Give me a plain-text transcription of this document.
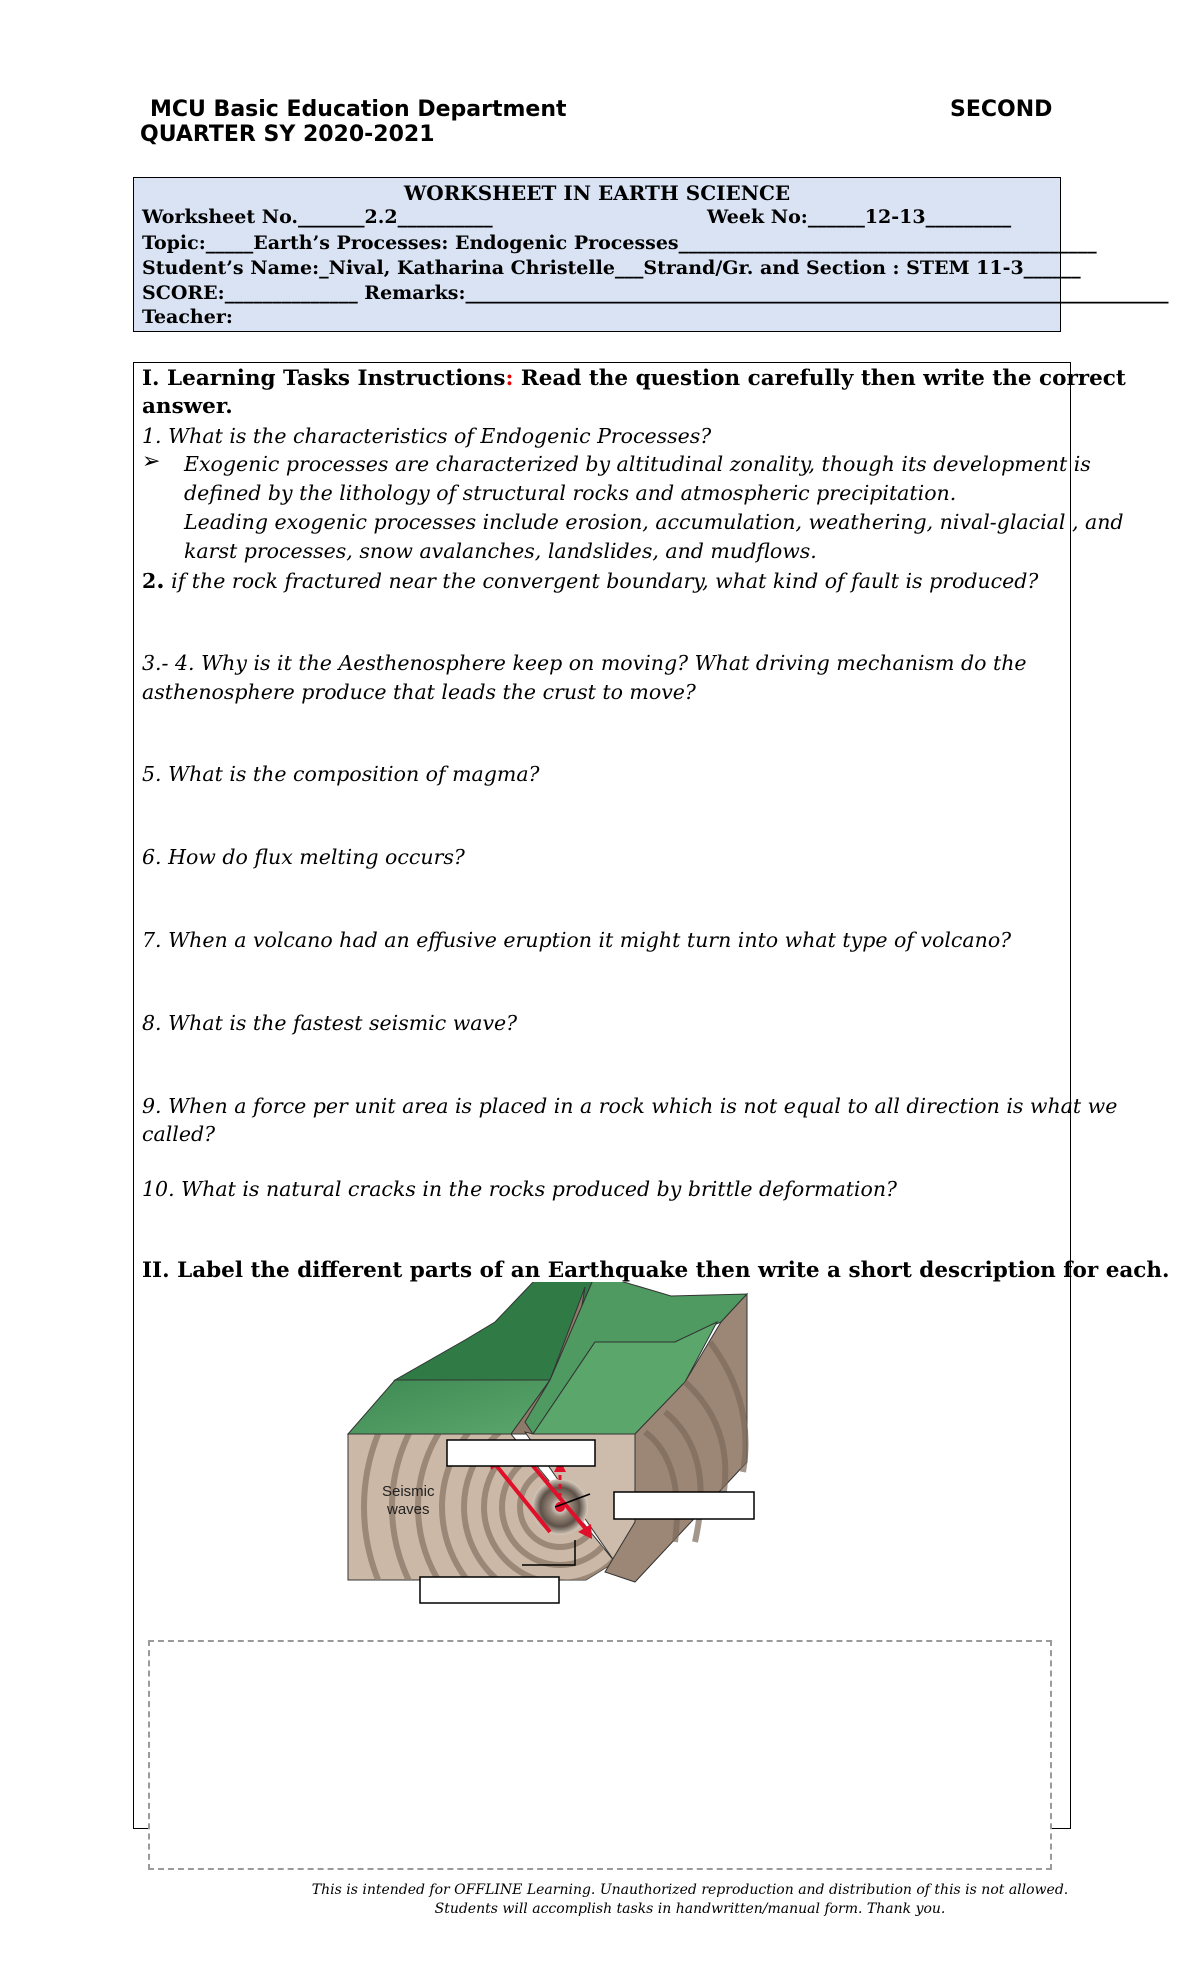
MCU Basic Education Department	SECOND
QUARTER SY 2020-2021
WORKSHEET IN EARTH SCIENCE
Worksheet No._______2.2__________	Week No:______12-13_________
Topic:_____Earth’s Processes: Endogenic Processes____________________________________________
Student’s Name:_Nival, Katharina Christelle___Strand/Gr. and Section : STEM 11-3______
SCORE:______________ Remarks:__________________________________________________________________________
Teacher:
I. Learning Tasks Instructions: Read the question carefully then write the correct
answer.
1. What is the characteristics of Endogenic Processes?
➢ Exogenic processes are characterized by altitudinal zonality, though its development is
defined by the lithology of structural rocks and atmospheric precipitation.
Leading exogenic processes include erosion, accumulation, weathering, nival-glacial , and
karst processes, snow avalanches, landslides, and mudflows.
2. if the rock fractured near the convergent boundary, what kind of fault is produced?
3.- 4. Why is it the Aesthenosphere keep on moving? What driving mechanism do the
asthenosphere produce that leads the crust to move?
5. What is the composition of magma?
6. How do flux melting occurs?
7. When a volcano had an effusive eruption it might turn into what type of volcano?
8. What is the fastest seismic wave?
9. When a force per unit area is placed in a rock which is not equal to all direction is what we
called?
10. What is natural cracks in the rocks produced by brittle deformation?
II. Label the different parts of an Earthquake then write a short description for each.
Seismic
waves
This is intended for OFFLINE Learning. Unauthorized reproduction and distribution of this is not allowed.
Students will accomplish tasks in handwritten/manual form. Thank you.
